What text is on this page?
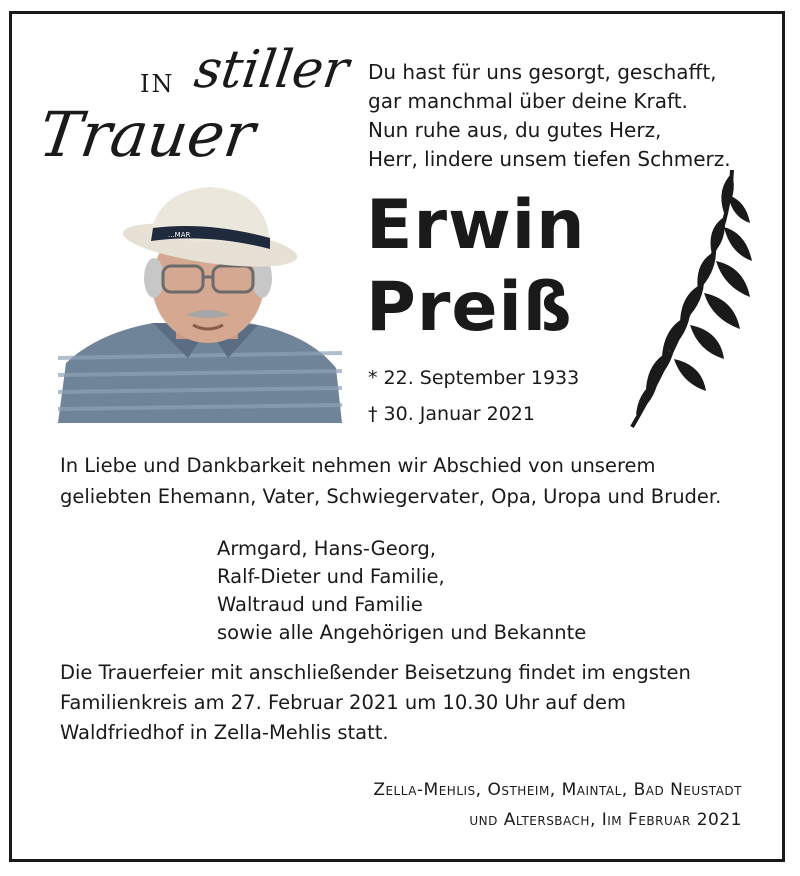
IN stiller
Trauer
Du hast für uns gesorgt, geschafft,
gar manchmal über deine Kraft.
Nun ruhe aus, du gutes Herz,
Herr, lindere unsem tiefen Schmerz.
...MAR	Erwin
Preiß
* 22. September 1933
† 30. Januar 2021
In Liebe und Dankbarkeit nehmen wir Abschied von unserem geliebten Ehemann, Vater, Schwiegervater, Opa, Uropa und Bruder.
Armgard, Hans-Georg,
Ralf-Dieter und Familie,
Waltraud und Familie
sowie alle Angehörigen und Bekannte
Die Trauerfeier mit anschließender Beisetzung findet im engsten Familienkreis am 27. Februar 2021 um 10.30 Uhr auf dem Waldfriedhof in Zella-Mehlis statt.
Zella-Mehlis, Ostheim, Maintal, Bad Neustadt
und Altersbach, Iim Februar 2021
